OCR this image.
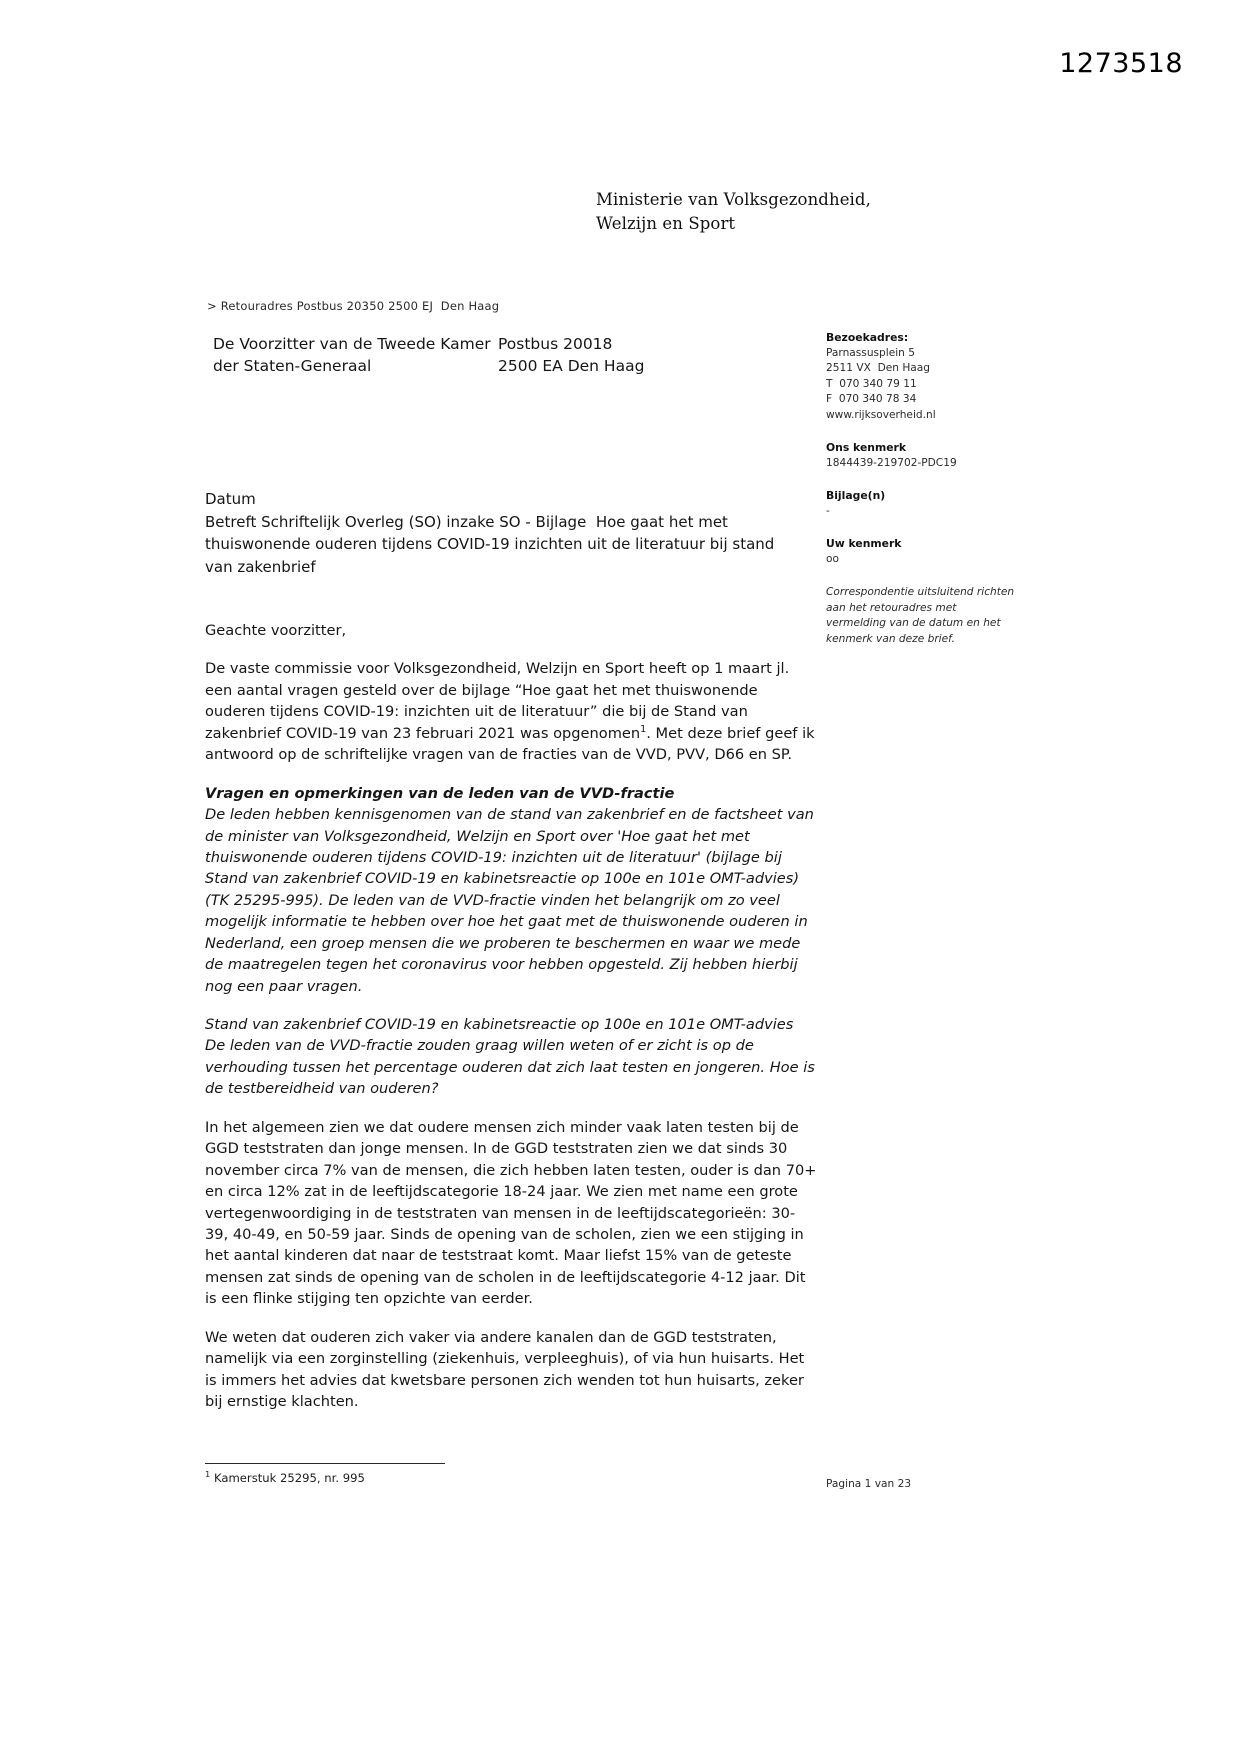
1273518
Ministerie van Volksgezondheid,
Welzijn en Sport
> Retouradres Postbus 20350 2500 EJ  Den Haag
De Voorzitter van de Tweede Kamer
der Staten-Generaal
Postbus 20018
2500 EA Den Haag
Datum
Betreft Schriftelijk Overleg (SO) inzake SO - Bijlage  Hoe gaat het met thuiswonende ouderen tijdens COVID-19 inzichten uit de literatuur bij stand van zakenbrief

Geachte voorzitter,

De vaste commissie voor Volksgezondheid, Welzijn en Sport heeft op 1 maart jl. een aantal vragen gesteld over de bijlage “Hoe gaat het met thuiswonende ouderen tijdens COVID-19: inzichten uit de literatuur” die bij de Stand van zakenbrief COVID-19 van 23 februari 2021 was opgenomen$^1$. Met deze brief geef ik antwoord op de schriftelijke vragen van de fracties van de VVD, PVV, D66 en SP.

Vragen en opmerkingen van de leden van de VVD-fractie

De leden hebben kennisgenomen van de stand van zakenbrief en de factsheet van de minister van Volksgezondheid, Welzijn en Sport over 'Hoe gaat het met thuiswonende ouderen tijdens COVID-19: inzichten uit de literatuur' (bijlage bij Stand van zakenbrief COVID-19 en kabinetsreactie op 100e en 101e OMT-advies) (TK 25295-995). De leden van de VVD-fractie vinden het belangrijk om zo veel mogelijk informatie te hebben over hoe het gaat met de thuiswonende ouderen in Nederland, een groep mensen die we proberen te beschermen en waar we mede de maatregelen tegen het coronavirus voor hebben opgesteld. Zij hebben hierbij nog een paar vragen.

Stand van zakenbrief COVID-19 en kabinetsreactie op 100e en 101e OMT-advies

De leden van de VVD-fractie zouden graag willen weten of er zicht is op de verhouding tussen het percentage ouderen dat zich laat testen en jongeren. Hoe is de testbereidheid van ouderen?

In het algemeen zien we dat oudere mensen zich minder vaak laten testen bij de GGD teststraten dan jonge mensen. In de GGD teststraten zien we dat sinds 30 november circa 7% van de mensen, die zich hebben laten testen, ouder is dan 70+ en circa 12% zat in de leeftijdscategorie 18-24 jaar. We zien met name een grote vertegenwoordiging in de teststraten van mensen in de leeftijdscategorieën: 30-39, 40-49, en 50-59 jaar. Sinds de opening van de scholen, zien we een stijging in het aantal kinderen dat naar de teststraat komt. Maar liefst 15% van de geteste mensen zat sinds de opening van de scholen in de leeftijdscategorie 4-12 jaar. Dit is een flinke stijging ten opzichte van eerder.

We weten dat ouderen zich vaker via andere kanalen dan de GGD teststraten, namelijk via een zorginstelling (ziekenhuis, verpleeghuis), of via hun huisarts. Het is immers het advies dat kwetsbare personen zich wenden tot hun huisarts, zeker bij ernstige klachten.

Bezoekadres:
Parnassusplein 5
2511 VX  Den Haag
T  070 340 79 11
F  070 340 78 34
www.rijksoverheid.nl
Ons kenmerk
1844439-219702-PDC19
Bijlage(n)
-
Uw kenmerk
oo
Correspondentie uitsluitend richten aan het retouradres met vermelding van de datum en het kenmerk van deze brief.
$^1$ Kamerstuk 25295, nr. 995	Pagina 1 van 23
